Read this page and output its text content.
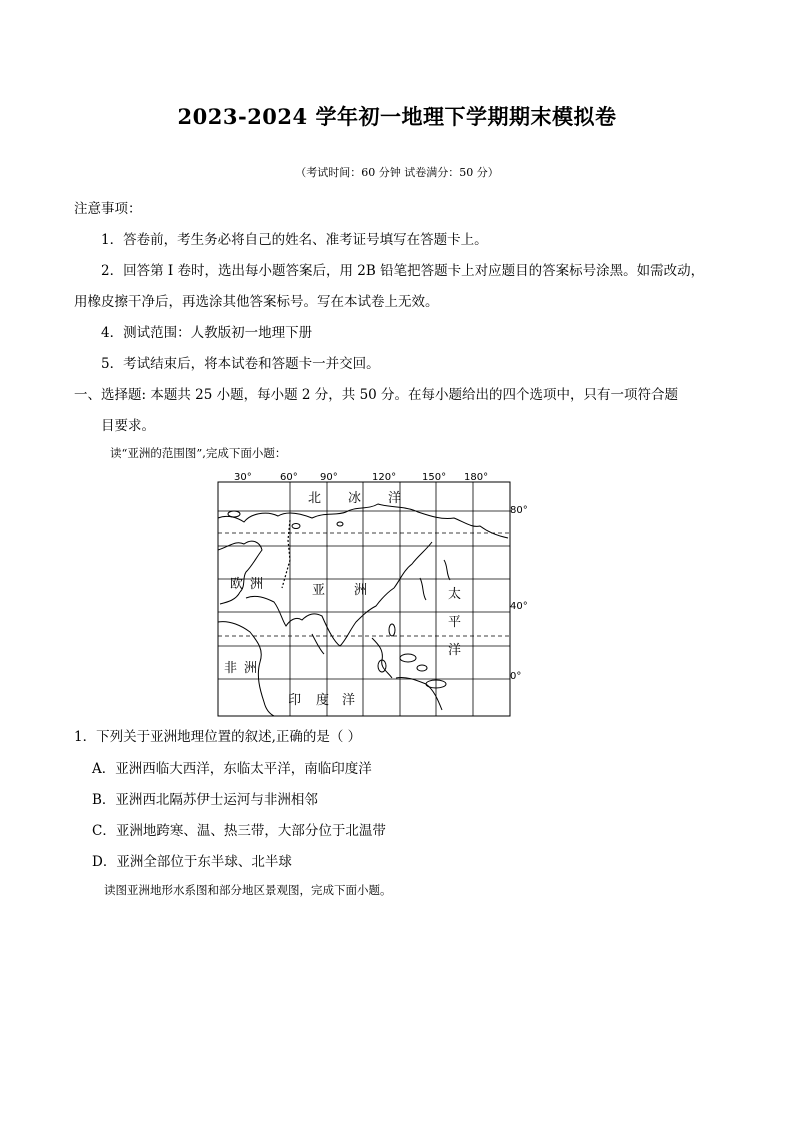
2023-2024 学年初一地理下学期期末模拟卷
（考试时间：60 分钟 试卷满分：50 分）
注意事项：
1．答卷前，考生务必将自己的姓名、准考证号填写在答题卡上。
2．回答第 I 卷时，选出每小题答案后，用 2B 铅笔把答题卡上对应题目的答案标号涂黑。如需改动，
用橡皮擦干净后，再选涂其他答案标号。写在本试卷上无效。
4．测试范围：人教版初一地理下册
5．考试结束后，将本试卷和答题卡一并交回。
一、选择题: 本题共 25 小题，每小题 2 分，共 50 分。在每小题给出的四个选项中，只有一项符合题
目要求。
读“亚洲的范围图”,完成下面小题：
30°	60° 90°	120°	150° 180°
80°
40°
0°
北 冰 洋
欧 洲	亚 洲
非 洲
印 度 洋
太
平
洋
1．下列关于亚洲地理位置的叙述,正确的是（ ）
A．亚洲西临大西洋，东临太平洋，南临印度洋
B．亚洲西北隔苏伊士运河与非洲相邻
C．亚洲地跨寒、温、热三带，大部分位于北温带
D．亚洲全部位于东半球、北半球
读图亚洲地形水系图和部分地区景观图，完成下面小题。
